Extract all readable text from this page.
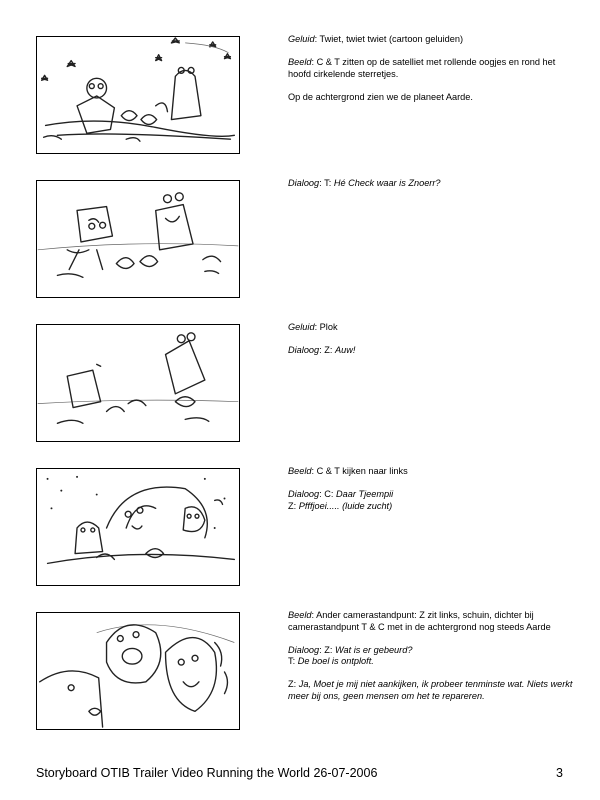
Geluid: Twiet, twiet twiet (cartoon geluiden)

Beeld: C & T zitten op de satelliet met rollende oogjes en rond het hoofd cirkelende sterretjes.

Op de achtergrond zien we de planeet Aarde.

Dialoog: T: Hé Check waar is Znoerr?

Geluid: Plok

Dialoog: Z: Auw!

Beeld: C & T kijken naar links

Dialoog: C: Daar Tjeempii
Z: Pfffjoei..... (luide zucht)

Beeld: Ander camerastandpunt: Z zit links, schuin, dichter bij camerastandpunt T & C met in de achtergrond nog steeds Aarde

Dialoog: Z: Wat is er gebeurd?
T: De boel is ontploft.

Z: Ja, Moet je mij niet aankijken, ik probeer tenminste wat. Niets werkt meer bij ons, geen mensen om het te repareren.

Storyboard OTIB Trailer Video Running the World 26-07-2006	3
